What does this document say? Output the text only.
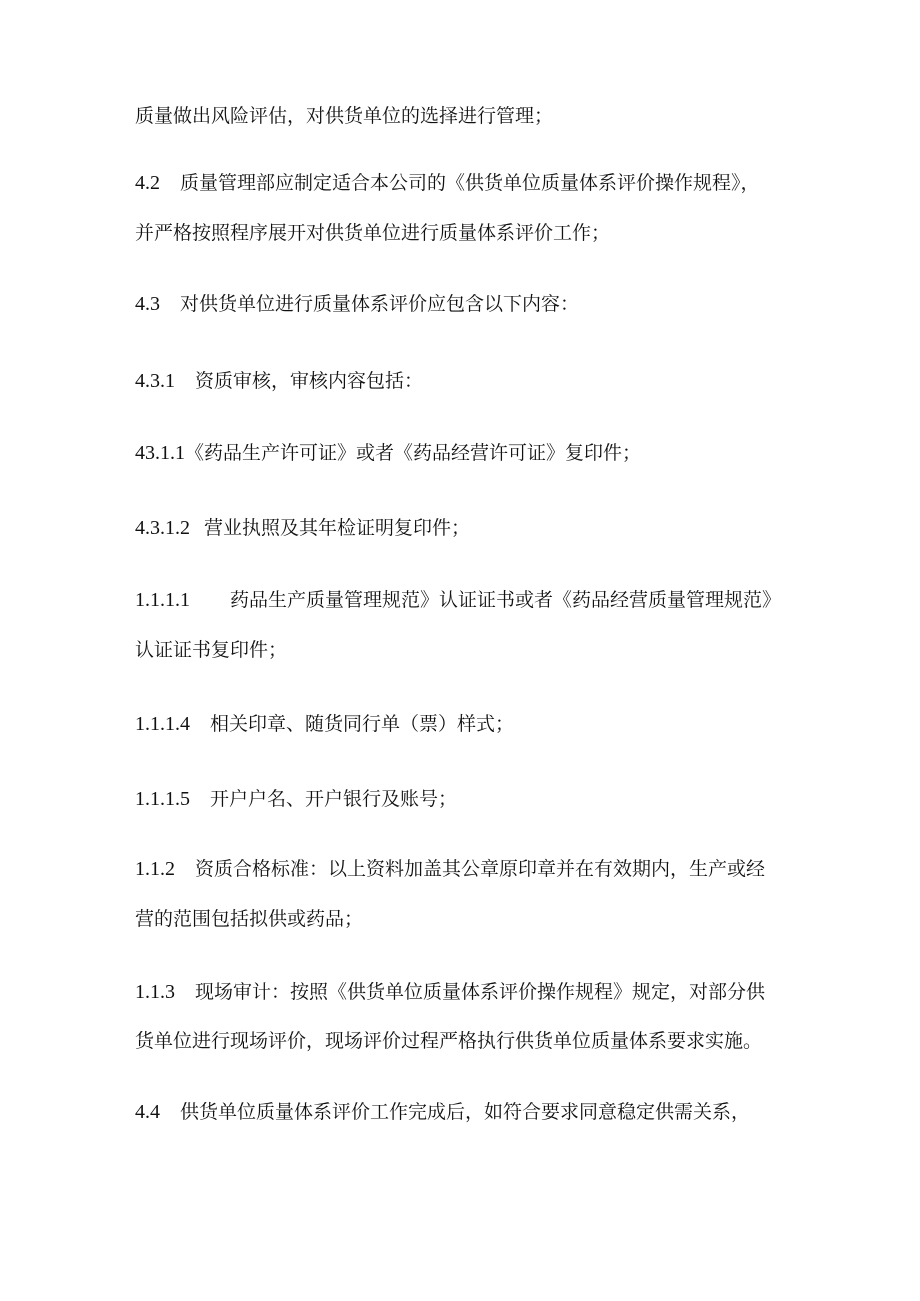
质量做出风险评估，对供货单位的选择进行管理；
4.2 质量管理部应制定适合本公司的《供货单位质量体系评价操作规程》，
并严格按照程序展开对供货单位进行质量体系评价工作；
4.3 对供货单位进行质量体系评价应包含以下内容：
4.3.1 资质审核，审核内容包括：
43.1.1《药品生产许可证》或者《药品经营许可证》复印件；
4.3.1.2 营业执照及其年检证明复印件；
1.1.1.1 药品生产质量管理规范》认证证书或者《药品经营质量管理规范》
认证证书复印件；
1.1.1.4 相关印章、随货同行单（票）样式；
1.1.1.5 开户户名、开户银行及账号；
1.1.2 资质合格标准：以上资料加盖其公章原印章并在有效期内，生产或经
营的范围包括拟供或药品；
1.1.3 现场审计：按照《供货单位质量体系评价操作规程》规定，对部分供
货单位进行现场评价，现场评价过程严格执行供货单位质量体系要求实施。
4.4 供货单位质量体系评价工作完成后，如符合要求同意稳定供需关系，
